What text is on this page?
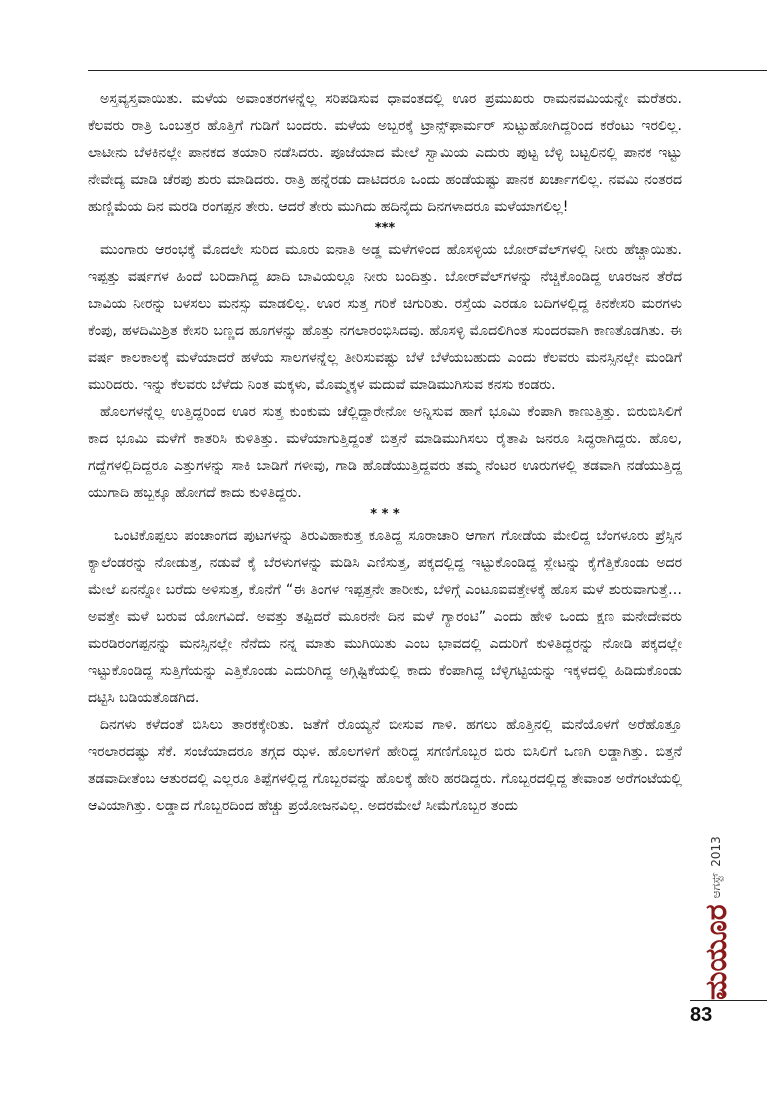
ಅಸ್ತವ್ಯಸ್ತವಾಯಿತು. ಮಳೆಯ ಅವಾಂತರಗಳನ್ನೆಲ್ಲ ಸರಿಪಡಿಸುವ ಧಾವಂತದಲ್ಲಿ ಊರ ಪ್ರಮುಖರು ರಾಮನವಮಿಯನ್ನೇ ಮರೆತರು. ಕೆಲವರು ರಾತ್ರಿ ಒಂಬತ್ತರ ಹೊತ್ತಿಗೆ ಗುಡಿಗೆ ಬಂದರು. ಮಳೆಯ ಅಬ್ಬರಕ್ಕೆ ಟ್ರಾನ್ಸ್‌ಫಾರ್ಮರ್ ಸುಟ್ಟುಹೋಗಿದ್ದರಿಂದ ಕರೆಂಟು ಇರಲಿಲ್ಲ. ಲಾಟೀನು ಬೆಳಕಿನಲ್ಲೇ ಪಾನಕದ ತಯಾರಿ ನಡೆಸಿದರು. ಪೂಜೆಯಾದ ಮೇಲೆ ಸ್ವಾಮಿಯ ಎದುರು ಪುಟ್ಟ ಬೆಳ್ಳಿ ಬಟ್ಟಲಿನಲ್ಲಿ ಪಾನಕ ಇಟ್ಟು ನೇವೇದ್ಯ ಮಾಡಿ ಚೆರಪು ಶುರು ಮಾಡಿದರು. ರಾತ್ರಿ ಹನ್ನೆರಡು ದಾಟಿದರೂ ಒಂದು ಹಂಡೆಯಷ್ಟು ಪಾನಕ ಖರ್ಚಾಗಲಿಲ್ಲ. ನವಮಿ ನಂತರದ ಹುಣ್ಣಿಮೆಯ ದಿನ ಮರಡಿ ರಂಗಪ್ಪನ ತೇರು. ಆದರೆ ತೇರು ಮುಗಿದು ಹದಿನೈದು ದಿನಗಳಾದರೂ ಮಳೆಯಾಗಲಿಲ್ಲ!

***

ಮುಂಗಾರು ಆರಂಭಕ್ಕೆ ಮೊದಲೇ ಸುರಿದ ಮೂರು ಐನಾತಿ ಅಡ್ಡ ಮಳೆಗಳಿಂದ ಹೊಸಳ್ಳಿಯ ಬೋರ್‌ವೆಲ್‌ಗಳಲ್ಲಿ ನೀರು ಹೆಚ್ಚಾಯಿತು. ಇಪ್ಪತ್ತು ವರ್ಷಗಳ ಹಿಂದೆ ಬರಿದಾಗಿದ್ದ ಖಾದಿ ಬಾವಿಯಲ್ಲೂ ನೀರು ಬಂದಿತ್ತು. ಬೋರ್‌ವೆಲ್‌ಗಳನ್ನು ನೆಚ್ಚಿಕೊಂಡಿದ್ದ ಊರಜನ ತೆರೆದ ಬಾವಿಯ ನೀರನ್ನು ಬಳಸಲು ಮನಸ್ಸು ಮಾಡಲಿಲ್ಲ. ಊರ ಸುತ್ತ ಗರಿಕೆ ಚಿಗುರಿತು. ರಸ್ತೆಯ ಎರಡೂ ಬದಿಗಳಲ್ಲಿದ್ದ ಕಿನಕೇಸರಿ ಮರಗಳು ಕೆಂಪು, ಹಳದಿಮಿಶ್ರಿತ ಕೇಸರಿ ಬಣ್ಣದ ಹೂಗಳನ್ನು ಹೊತ್ತು ನಗಲಾರಂಭಿಸಿದವು. ಹೊಸಳ್ಳಿ ಮೊದಲಿಗಿಂತ ಸುಂದರವಾಗಿ ಕಾಣತೊಡಗಿತು. ಈ ವರ್ಷ ಕಾಲಕಾಲಕ್ಕೆ ಮಳೆಯಾದರೆ ಹಳೆಯ ಸಾಲಗಳನ್ನೆಲ್ಲ ತೀರಿಸುವಷ್ಟು ಬೆಳೆ ಬೆಳೆಯಬಹುದು ಎಂದು ಕೆಲವರು ಮನಸ್ಸಿನಲ್ಲೇ ಮಂಡಿಗೆ ಮುರಿದರು. ಇನ್ನು ಕೆಲವರು ಬೆಳೆದು ನಿಂತ ಮಕ್ಕಳು, ಮೊಮ್ಮಕ್ಕಳ ಮದುವೆ ಮಾಡಿಮುಗಿಸುವ ಕನಸು ಕಂಡರು.

ಹೊಲಗಳನ್ನೆಲ್ಲ ಉತ್ತಿದ್ದರಿಂದ ಊರ ಸುತ್ತ ಕುಂಕುಮ ಚೆಲ್ಲಿದ್ದಾರೇನೋ ಅನ್ನಿಸುವ ಹಾಗೆ ಭೂಮಿ ಕೆಂಪಾಗಿ ಕಾಣುತ್ತಿತ್ತು. ಬಿರುಬಿಸಿಲಿಗೆ ಕಾದ ಭೂಮಿ ಮಳೆಗೆ ಕಾತರಿಸಿ ಕುಳಿತಿತ್ತು. ಮಳೆಯಾಗುತ್ತಿದ್ದಂತೆ ಬಿತ್ತನೆ ಮಾಡಿಮುಗಿಸಲು ರೈತಾಪಿ ಜನರೂ ಸಿದ್ಧರಾಗಿದ್ದರು. ಹೊಲ, ಗದ್ದೆಗಳಲ್ಲಿದಿದ್ದರೂ ಎತ್ತುಗಳನ್ನು ಸಾಕಿ ಬಾಡಿಗೆ ಗಳೀವು, ಗಾಡಿ ಹೊಡೆಯುತ್ತಿದ್ದವರು ತಮ್ಮ ನೆಂಟರ ಊರುಗಳಲ್ಲಿ ತಡವಾಗಿ ನಡೆಯುತ್ತಿದ್ದ ಯುಗಾದಿ ಹಬ್ಬಕ್ಕೂ ಹೋಗದೆ ಕಾದು ಕುಳಿತಿದ್ದರು.

* * *

ಒಂಟಿಕೊಪ್ಪಲು ಪಂಚಾಂಗದ ಪುಟಗಳನ್ನು ತಿರುವಿಹಾಕುತ್ತ ಕೂತಿದ್ದ ಸೂರಾಚಾರಿ ಆಗಾಗ ಗೋಡೆಯ ಮೇಲಿದ್ದ ಬೆಂಗಳೂರು ಪ್ರೆಸ್ಸಿನ ಕ್ಯಾಲೆಂಡರನ್ನು ನೋಡುತ್ತ, ನಡುವೆ ಕೈ ಬೆರಳುಗಳನ್ನು ಮಡಿಸಿ ಎಣಿಸುತ್ತ, ಪಕ್ಕದಲ್ಲಿದ್ದ ಇಟ್ಟುಕೊಂಡಿದ್ದ ಸ್ಲೇಟನ್ನು ಕೈಗೆತ್ತಿಕೊಂಡು ಅದರ ಮೇಲೆ ಏನನ್ನೋ ಬರೆದು ಅಳಿಸುತ್ತ, ಕೊನೆಗೆ “ಈ ತಿಂಗಳ ಇಪ್ಪತ್ತನೇ ತಾರೀಕು, ಬೆಳಿಗ್ಗೆ ಎಂಟೂಐವತ್ತೇಳಕ್ಕೆ ಹೊಸ ಮಳೆ ಶುರುವಾಗುತ್ತೆ… ಅವತ್ತೇ ಮಳೆ ಬರುವ ಯೋಗವಿದೆ. ಅವತ್ತು ತಪ್ಪಿದರೆ ಮೂರನೇ ದಿನ ಮಳೆ ಗ್ಯಾರಂಟಿ” ಎಂದು ಹೇಳಿ ಒಂದು ಕ್ಷಣ ಮನೇದೇವರು ಮರಡಿರಂಗಪ್ಪನನ್ನು ಮನಸ್ಸಿನಲ್ಲೇ ನೆನೆದು ನನ್ನ ಮಾತು ಮುಗಿಯಿತು ಎಂಬ ಭಾವದಲ್ಲಿ ಎದುರಿಗೆ ಕುಳಿತಿದ್ದರನ್ನು ನೋಡಿ ಪಕ್ಕದಲ್ಲೇ ಇಟ್ಟುಕೊಂಡಿದ್ದ ಸುತ್ತಿಗೆಯನ್ನು ಎತ್ತಿಕೊಂಡು ಎದುರಿಗಿದ್ದ ಅಗ್ಗಿಷ್ಟಿಕೆಯಲ್ಲಿ ಕಾದು ಕೆಂಪಾಗಿದ್ದ ಬೆಳ್ಳಿಗಟ್ಟಿಯನ್ನು ಇಕ್ಕಳದಲ್ಲಿ ಹಿಡಿದುಕೊಂಡು ದಟ್ಟಿಸಿ ಬಡಿಯತೊಡಗಿದ.

ದಿನಗಳು ಕಳೆದಂತೆ ಬಿಸಿಲು ತಾರಕಕ್ಕೇರಿತು. ಜತೆಗೆ ರೊಯ್ಯನೆ ಬೀಸುವ ಗಾಳಿ. ಹಗಲು ಹೊತ್ತಿನಲ್ಲಿ ಮನೆಯೊಳಗೆ ಅರೆಹೊತ್ತೂ ಇರಲಾರದಷ್ಟು ಸೆಕೆ. ಸಂಜೆಯಾದರೂ ತಗ್ಗದ ಝಳ. ಹೊಲಗಳಿಗೆ ಹೇರಿದ್ದ ಸಗಣಿಗೊಬ್ಬರ ಬಿರು ಬಿಸಿಲಿಗೆ ಒಣಗಿ ಲಡ್ಡಾಗಿತ್ತು. ಬಿತ್ತನೆ ತಡವಾದೀತೆಂಬ ಆತುರದಲ್ಲಿ ಎಲ್ಲರೂ ತಿಪ್ಪೆಗಳಲ್ಲಿದ್ದ ಗೊಬ್ಬರವನ್ನು ಹೊಲಕ್ಕೆ ಹೇರಿ ಹರಡಿದ್ದರು. ಗೊಬ್ಬರದಲ್ಲಿದ್ದ ತೇವಾಂಶ ಅರೆಗಂಟೆಯಲ್ಲಿ ಆವಿಯಾಗಿತ್ತು. ಲಡ್ಡಾದ ಗೊಬ್ಬರದಿಂದ ಹೆಚ್ಚು ಪ್ರಯೋಜನವಿಲ್ಲ. ಅದರಮೇಲೆ ಸೀಮೆಗೊಬ್ಬರ ತಂದು

ಮಯೂರ
ಆಗಸ್ಟ್
2013
83
